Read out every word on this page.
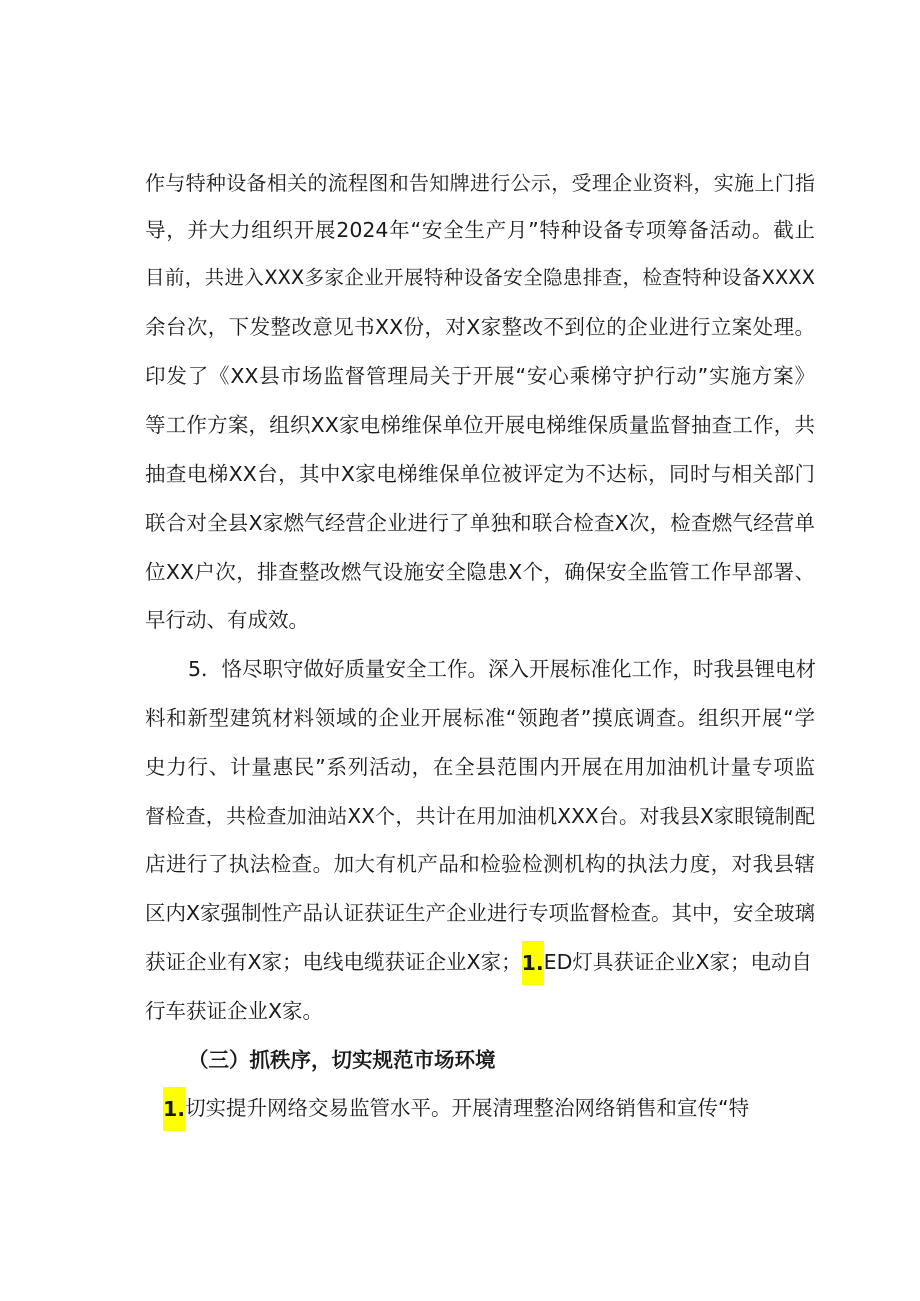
作与特种设备相关的流程图和告知牌进行公示，受理企业资料，实施上门指
导，并大力组织开展2024年“安全生产月”特种设备专项筹备活动。截止
目前，共进入XXX多家企业开展特种设备安全隐患排查，检查特种设备XXXX
余台次，下发整改意见书XX份，对X家整改不到位的企业进行立案处理。
印发了《XX县市场监督管理局关于开展“安心乘梯守护行动”实施方案》
等工作方案，组织XX家电梯维保单位开展电梯维保质量监督抽查工作，共
抽查电梯XX台，其中X家电梯维保单位被评定为不达标，同时与相关部门
联合对全县X家燃气经营企业进行了单独和联合检查X次，检查燃气经营单
位XX户次，排查整改燃气设施安全隐患X个，确保安全监管工作早部署、
早行动、有成效。
5．恪尽职守做好质量安全工作。深入开展标准化工作，时我县锂电材
料和新型建筑材料领域的企业开展标准“领跑者”摸底调查。组织开展“学
史力行、计量惠民”系列活动，在全县范围内开展在用加油机计量专项监
督检查，共检查加油站XX个，共计在用加油机XXX台。对我县X家眼镜制配
店进行了执法检查。加大有机产品和检验检测机构的执法力度，对我县辖
区内X家强制性产品认证获证生产企业进行专项监督检查。其中，安全玻璃
获证企业有X家；电线电缆获证企业X家；1.ED灯具获证企业X家；电动自
行车获证企业X家。
（三）抓秩序，切实规范市场环境
1.切实提升网络交易监管水平。开展清理整治网络销售和宣传“特
